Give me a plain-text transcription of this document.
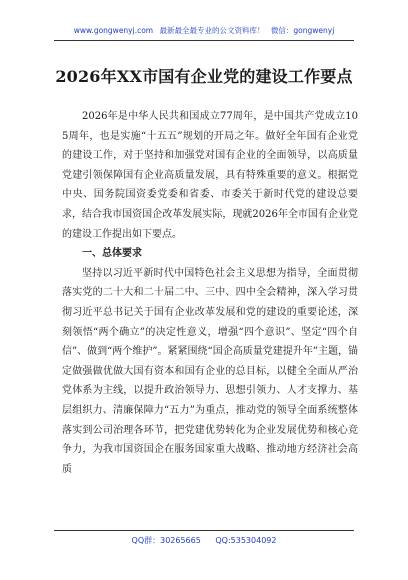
www.gongwenyj.com 最新最全最专业的公文资料库！ 微信：gongwenyj
2026年XX市国有企业党的建设工作要点

2026年是中华人民共和国成立77周年，是中国共产党成立105周年，也是实施“十五五”规划的开局之年。做好全年国有企业党的建设工作，对于坚持和加强党对国有企业的全面领导，以高质量党建引领保障国有企业高质量发展，具有特殊重要的意义。根据党中央、国务院国资委党委和省委、市委关于新时代党的建设总要求，结合我市国资国企改革发展实际，现就2026年全市国有企业党的建设工作提出如下要点。

一、总体要求

坚持以习近平新时代中国特色社会主义思想为指导，全面贯彻落实党的二十大和二十届二中、三中、四中全会精神，深入学习贯彻习近平总书记关于国有企业改革发展和党的建设的重要论述，深刻领悟“两个确立”的决定性意义，增强“四个意识”、坚定“四个自信”、做到“两个维护”。紧紧围绕“国企高质量党建提升年”主题，锚定做强做优做大国有资本和国有企业的总目标，以健全全面从严治党体系为主线，以提升政治领导力、思想引领力、人才支撑力、基层组织力、清廉保障力“五力”为重点，推动党的领导全面系统整体落实到公司治理各环节，把党建优势转化为企业发展优势和核心竞争力，为我市国资国企在服务国家重大战略、推动地方经济社会高质

QQ群：30265665 QQ:535304092
